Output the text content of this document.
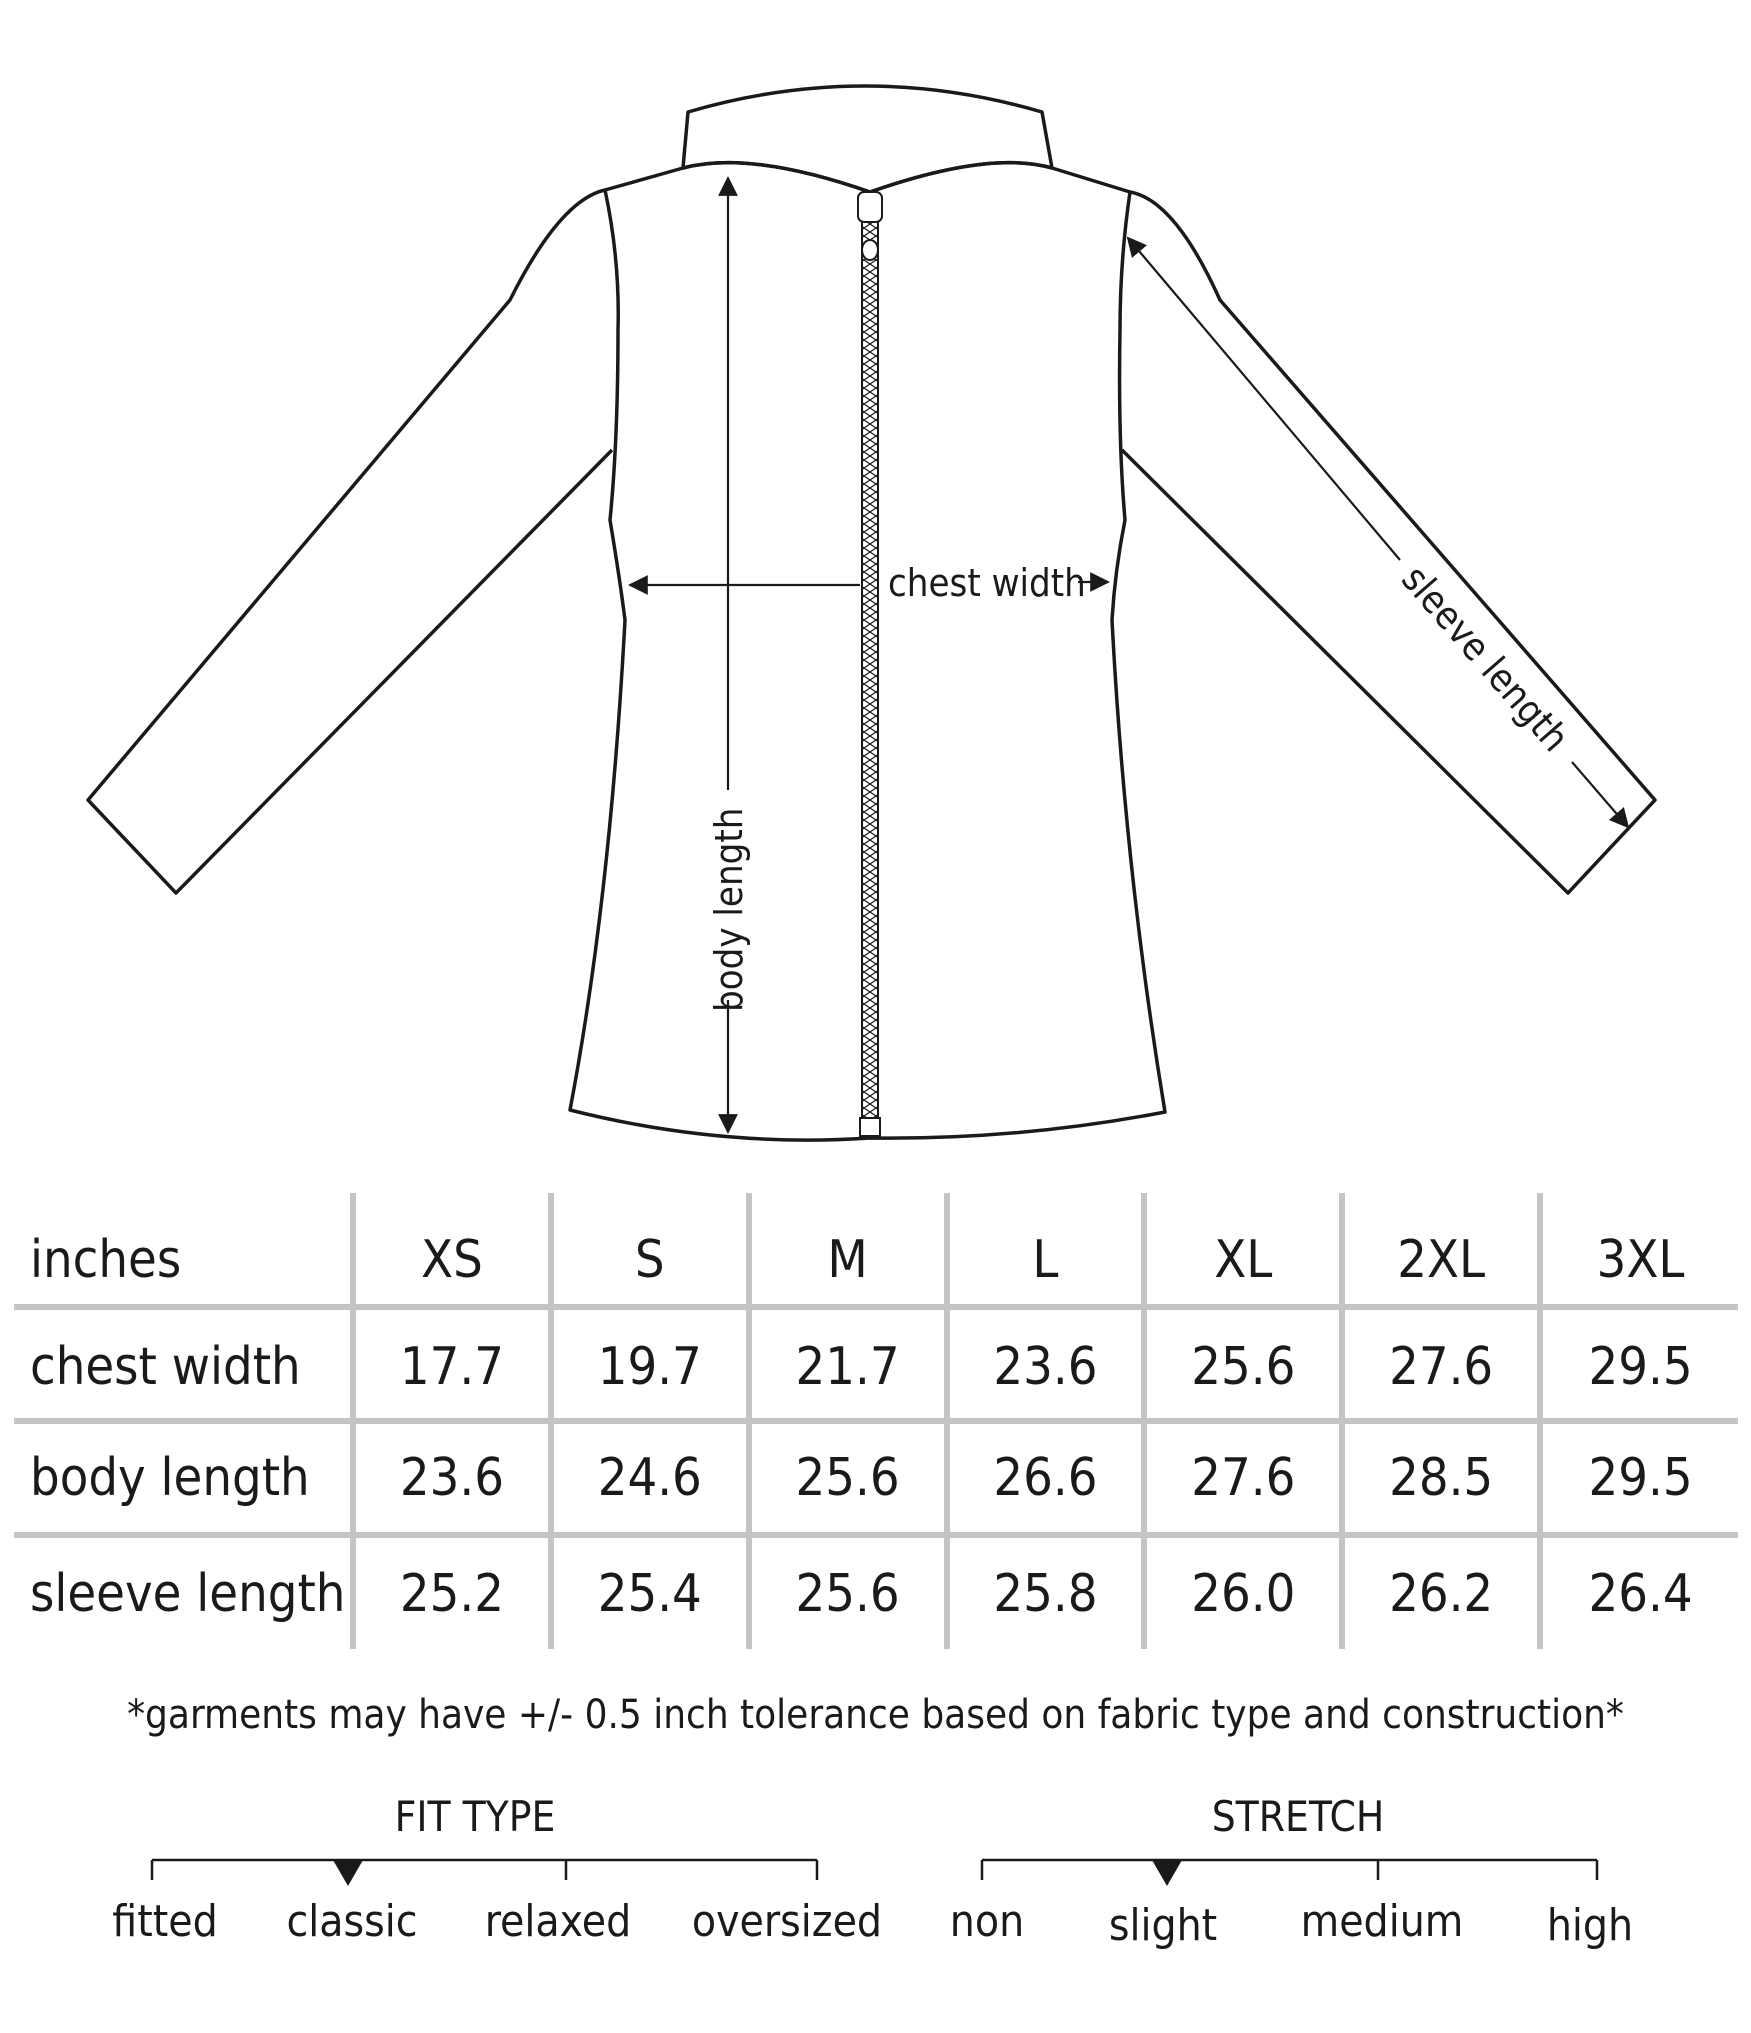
chest width
body length
sleeve length
inches	XS	S	M	L	XL	2XL	3XL
chest width	17.7	19.7	21.7	23.6	25.6	27.6	29.5
body length	23.6	24.6	25.6	26.6	27.6	28.5	29.5
sleeve length	25.2	25.4	25.6	25.8	26.0	26.2	26.4

*garments may have +/- 0.5 inch tolerance based on fabric type and construction*

FIT TYPE	STRETCH

fitted	classic	relaxed	oversized	non	slight	medium	high
